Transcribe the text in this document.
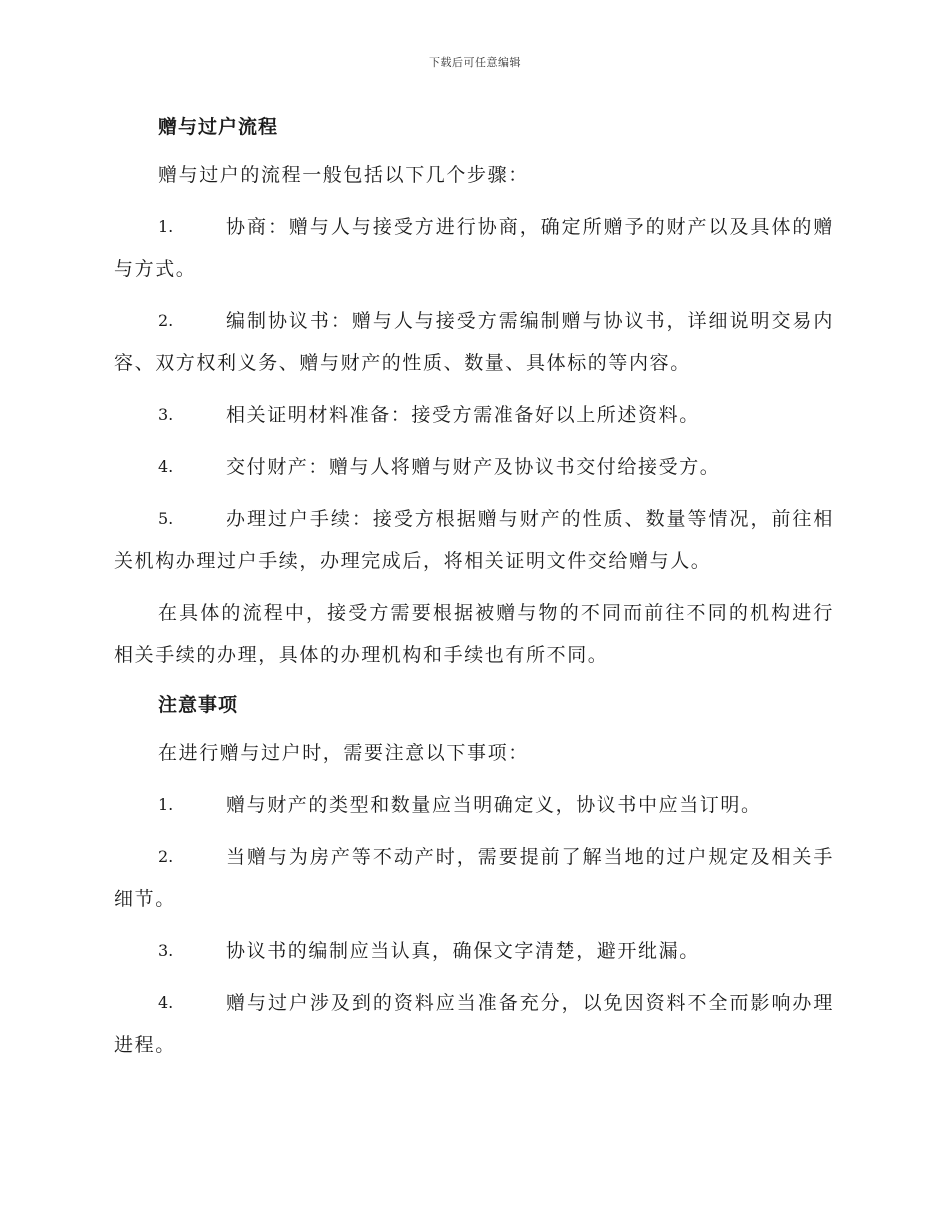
下载后可任意编辑
赠与过户流程

赠与过户的流程一般包括以下几个步骤：

1.	协商：赠与人与接受方进行协商，确定所赠予的财产以及具体的赠与方式。

2.	编制协议书：赠与人与接受方需编制赠与协议书，详细说明交易内容、双方权利义务、赠与财产的性质、数量、具体标的等内容。

3.	相关证明材料准备：接受方需准备好以上所述资料。

4.	交付财产：赠与人将赠与财产及协议书交付给接受方。

5.	办理过户手续：接受方根据赠与财产的性质、数量等情况，前往相关机构办理过户手续，办理完成后，将相关证明文件交给赠与人。

在具体的流程中，接受方需要根据被赠与物的不同而前往不同的机构进行相关手续的办理，具体的办理机构和手续也有所不同。

注意事项

在进行赠与过户时，需要注意以下事项：

1.	赠与财产的类型和数量应当明确定义，协议书中应当订明。

2.	当赠与为房产等不动产时，需要提前了解当地的过户规定及相关手细节。

3.	协议书的编制应当认真，确保文字清楚，避开纰漏。

4.	赠与过户涉及到的资料应当准备充分，以免因资料不全而影响办理进程。
